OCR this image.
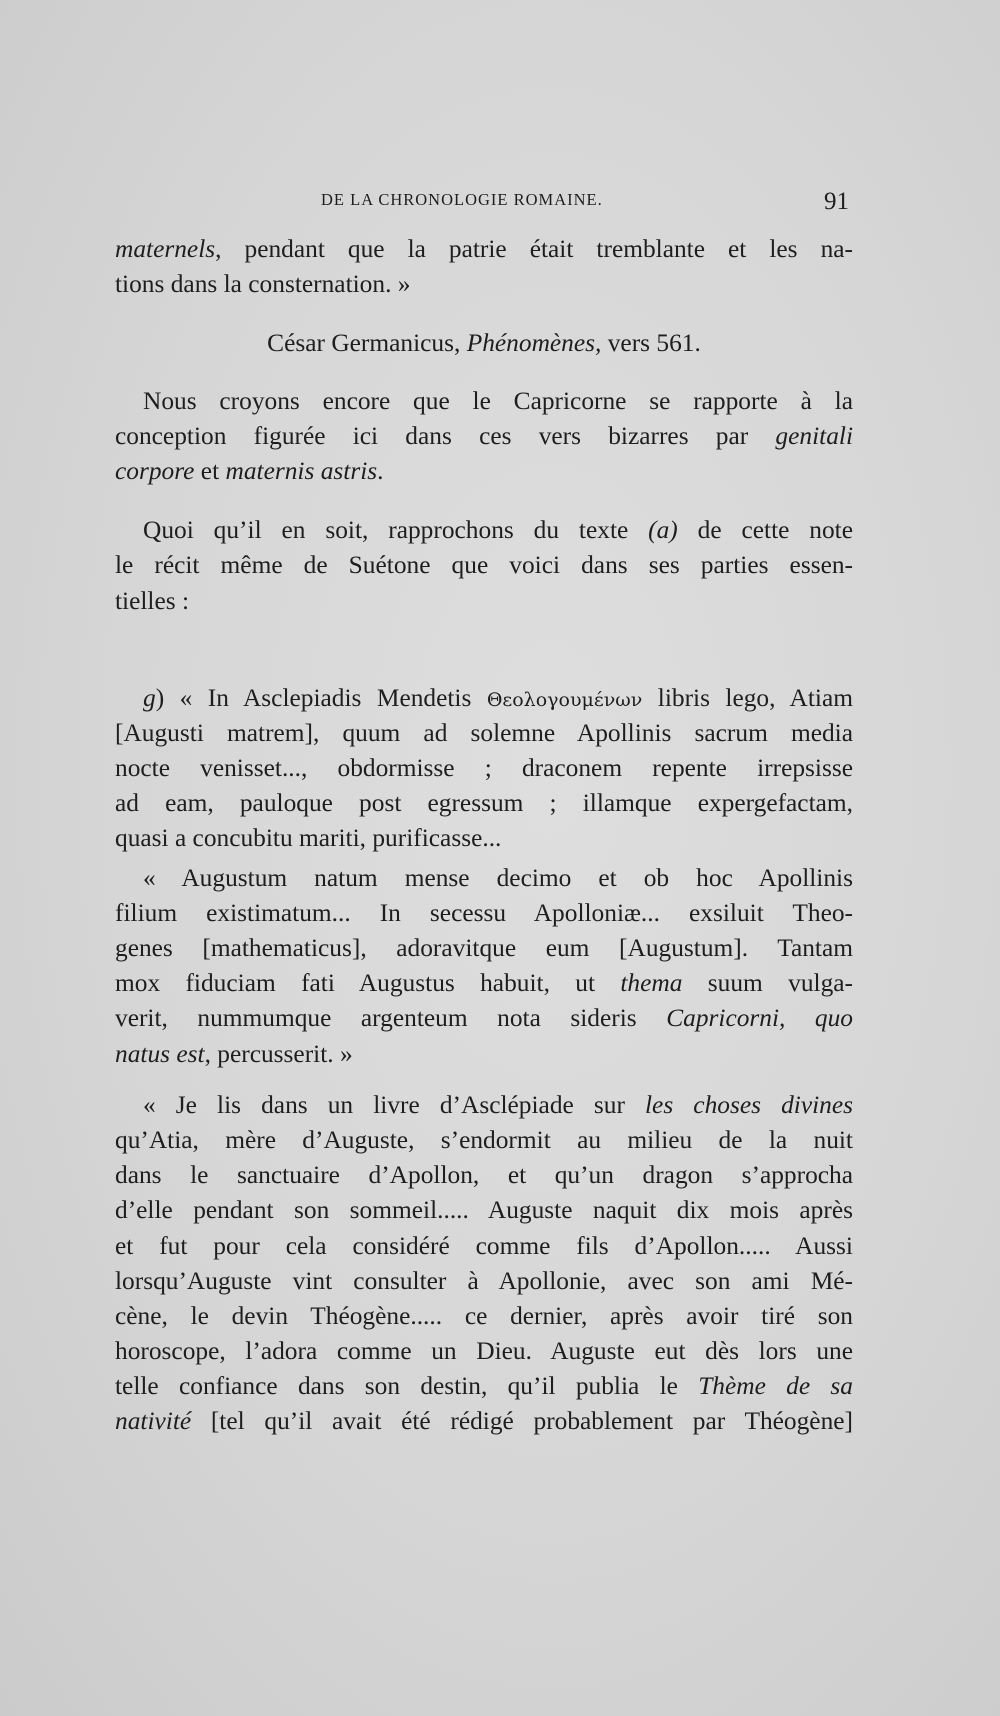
DE LA CHRONOLOGIE ROMAINE.	91
maternels, pendant que la patrie était tremblante et les na-
tions dans la consternation. »
César Germanicus, Phénomènes, vers 561.
Nous croyons encore que le Capricorne se rapporte à la
conception figurée ici dans ces vers bizarres par genitali
corpore et maternis astris.
Quoi qu’il en soit, rapprochons du texte (a) de cette note
le récit même de Suétone que voici dans ses parties essen-
tielles :
g) « In Asclepiadis Mendetis Θεολογουμένων libris lego, Atiam
[Augusti matrem], quum ad solemne Apollinis sacrum media
nocte venisset..., obdormisse ; draconem repente irrepsisse
ad eam, pauloque post egressum ; illamque expergefactam,
quasi a concubitu mariti, purificasse...
« Augustum natum mense decimo et ob hoc Apollinis
filium existimatum... In secessu Apolloniæ... exsiluit Theo-
genes [mathematicus], adoravitque eum [Augustum]. Tantam
mox fiduciam fati Augustus habuit, ut thema suum vulga-
verit, nummumque argenteum nota sideris Capricorni, quo
natus est, percusserit. »
« Je lis dans un livre d’Asclépiade sur les choses divines
qu’Atia, mère d’Auguste, s’endormit au milieu de la nuit
dans le sanctuaire d’Apollon, et qu’un dragon s’approcha
d’elle pendant son sommeil..... Auguste naquit dix mois après
et fut pour cela considéré comme fils d’Apollon..... Aussi
lorsqu’Auguste vint consulter à Apollonie, avec son ami Mé-
cène, le devin Théogène..... ce dernier, après avoir tiré son
horoscope, l’adora comme un Dieu. Auguste eut dès lors une
telle confiance dans son destin, qu’il publia le Thème de sa
nativité [tel qu’il avait été rédigé probablement par Théogène]
